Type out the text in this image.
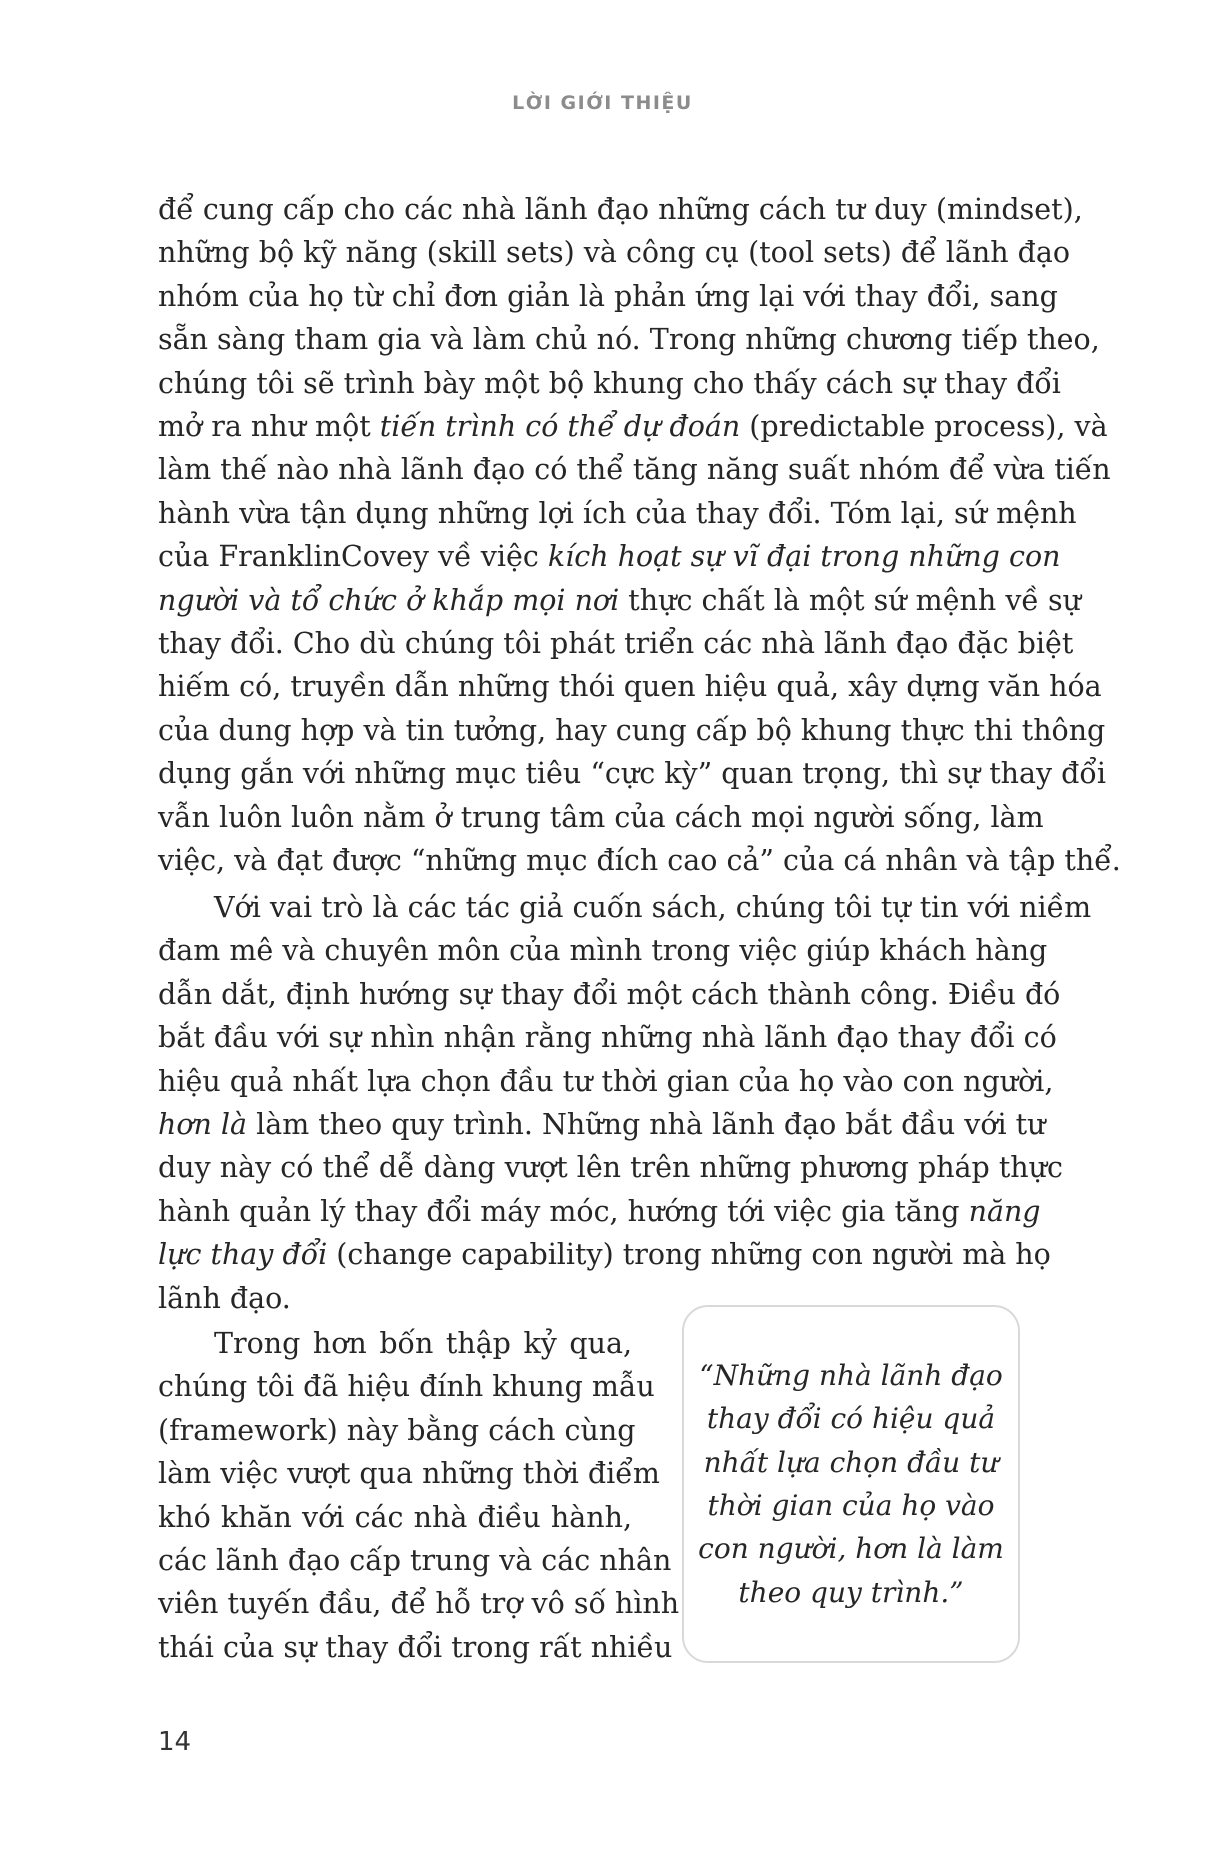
LỜI GIỚI THIỆU
để cung cấp cho các nhà lãnh đạo những cách tư duy (mindset),
những bộ kỹ năng (skill sets) và công cụ (tool sets) để lãnh đạo
nhóm của họ từ chỉ đơn giản là phản ứng lại với thay đổi, sang
sẵn sàng tham gia và làm chủ nó. Trong những chương tiếp theo,
chúng tôi sẽ trình bày một bộ khung cho thấy cách sự thay đổi
mở ra như một tiến trình có thể dự đoán (predictable process), và
làm thế nào nhà lãnh đạo có thể tăng năng suất nhóm để vừa tiến
hành vừa tận dụng những lợi ích của thay đổi. Tóm lại, sứ mệnh
của FranklinCovey về việc kích hoạt sự vĩ đại trong những con
người và tổ chức ở khắp mọi nơi thực chất là một sứ mệnh về sự
thay đổi. Cho dù chúng tôi phát triển các nhà lãnh đạo đặc biệt
hiếm có, truyền dẫn những thói quen hiệu quả, xây dựng văn hóa
của dung hợp và tin tưởng, hay cung cấp bộ khung thực thi thông
dụng gắn với những mục tiêu “cực kỳ” quan trọng, thì sự thay đổi
vẫn luôn luôn nằm ở trung tâm của cách mọi người sống, làm
việc, và đạt được “những mục đích cao cả” của cá nhân và tập thể.
Với vai trò là các tác giả cuốn sách, chúng tôi tự tin với niềm
đam mê và chuyên môn của mình trong việc giúp khách hàng
dẫn dắt, định hướng sự thay đổi một cách thành công. Điều đó
bắt đầu với sự nhìn nhận rằng những nhà lãnh đạo thay đổi có
hiệu quả nhất lựa chọn đầu tư thời gian của họ vào con người,
hơn là làm theo quy trình. Những nhà lãnh đạo bắt đầu với tư
duy này có thể dễ dàng vượt lên trên những phương pháp thực
hành quản lý thay đổi máy móc, hướng tới việc gia tăng năng
lực thay đổi (change capability) trong những con người mà họ
lãnh đạo.
Trong hơn bốn thập kỷ qua,
chúng tôi đã hiệu đính khung mẫu
(framework) này bằng cách cùng
làm việc vượt qua những thời điểm
khó khăn với các nhà điều hành,
các lãnh đạo cấp trung và các nhân
viên tuyến đầu, để hỗ trợ vô số hình
thái của sự thay đổi trong rất nhiều
“Những nhà lãnh đạo
thay đổi có hiệu quả
nhất lựa chọn đầu tư
thời gian của họ vào
con người, hơn là làm
theo quy trình.”
14
